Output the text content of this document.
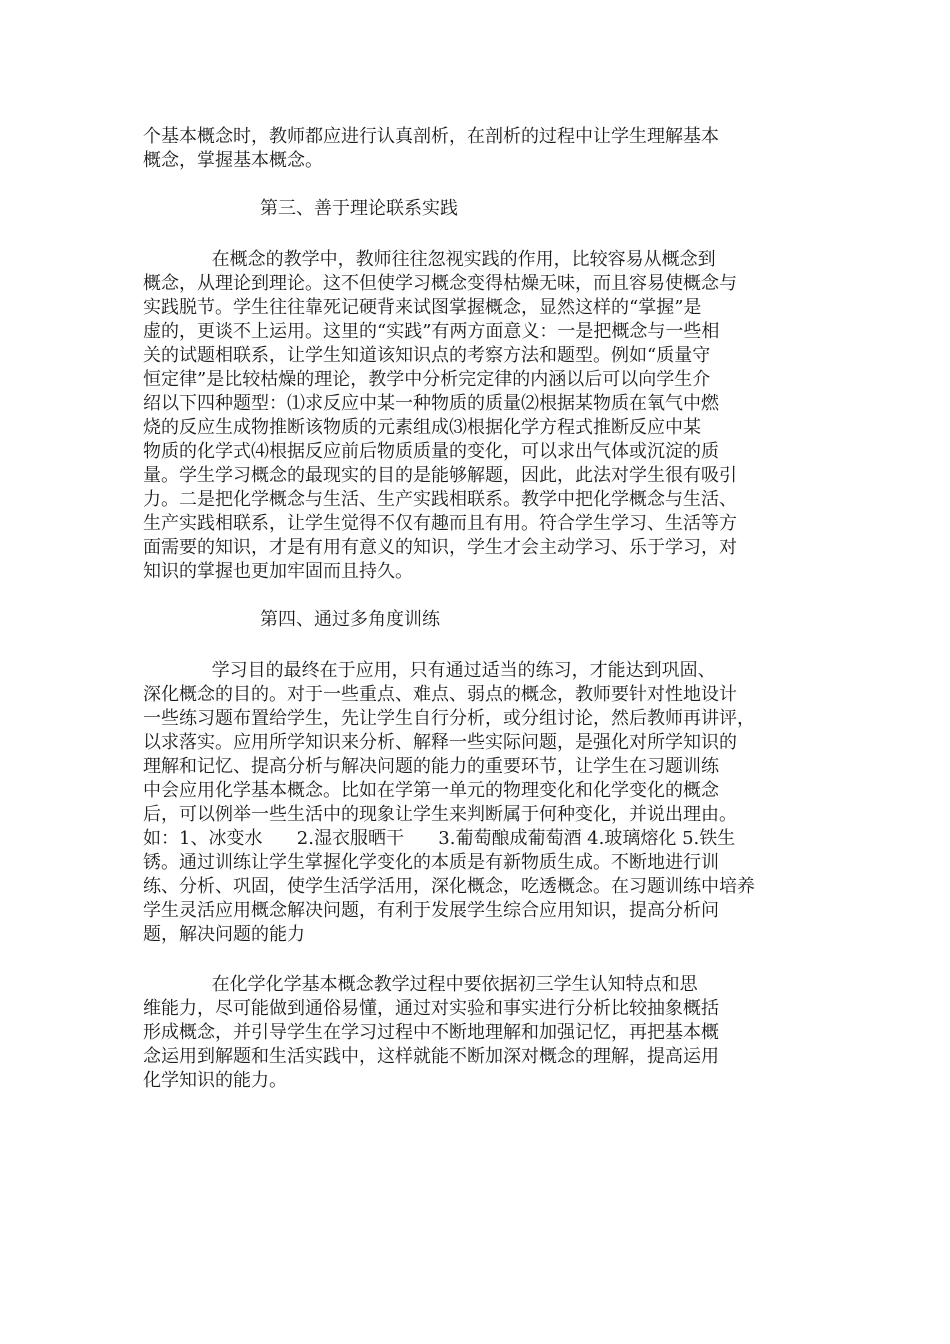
个基本概念时，教师都应进行认真剖析，在剖析的过程中让学生理解基本
概念，掌握基本概念。
第三、善于理论联系实践
在概念的教学中，教师往往忽视实践的作用，比较容易从概念到
概念，从理论到理论。这不但使学习概念变得枯燥无味，而且容易使概念与
实践脱节。学生往往靠死记硬背来试图掌握概念，显然这样的“掌握”是
虚的，更谈不上运用。这里的“实践”有两方面意义：一是把概念与一些相
关的试题相联系，让学生知道该知识点的考察方法和题型。例如“质量守
恒定律”是比较枯燥的理论，教学中分析完定律的内涵以后可以向学生介
绍以下四种题型：⑴求反应中某一种物质的质量⑵根据某物质在氧气中燃
烧的反应生成物推断该物质的元素组成⑶根据化学方程式推断反应中某
物质的化学式⑷根据反应前后物质质量的变化，可以求出气体或沉淀的质
量。学生学习概念的最现实的目的是能够解题，因此，此法对学生很有吸引
力。二是把化学概念与生活、生产实践相联系。教学中把化学概念与生活、
生产实践相联系，让学生觉得不仅有趣而且有用。符合学生学习、生活等方
面需要的知识，才是有用有意义的知识，学生才会主动学习、乐于学习，对
知识的掌握也更加牢固而且持久。
第四、通过多角度训练
学习目的最终在于应用，只有通过适当的练习，才能达到巩固、
深化概念的目的。对于一些重点、难点、弱点的概念，教师要针对性地设计
一些练习题布置给学生，先让学生自行分析，或分组讨论，然后教师再讲评，
以求落实。应用所学知识来分析、解释一些实际问题，是强化对所学知识的
理解和记忆、提高分析与解决问题的能力的重要环节，让学生在习题训练
中会应用化学基本概念。比如在学第一单元的物理变化和化学变化的概念
后，可以例举一些生活中的现象让学生来判断属于何种变化，并说出理由。
如：1、冰变水      2.湿衣服晒干      3.葡萄酿成葡萄酒 4.玻璃熔化 5.铁生
锈。通过训练让学生掌握化学变化的本质是有新物质生成。不断地进行训
练、分析、巩固，使学生活学活用，深化概念，吃透概念。在习题训练中培养
学生灵活应用概念解决问题，有利于发展学生综合应用知识，提高分析问
题，解决问题的能力
在化学化学基本概念教学过程中要依据初三学生认知特点和思
维能力，尽可能做到通俗易懂，通过对实验和事实进行分析比较抽象概括
形成概念，并引导学生在学习过程中不断地理解和加强记忆，再把基本概
念运用到解题和生活实践中，这样就能不断加深对概念的理解，提高运用
化学知识的能力。
